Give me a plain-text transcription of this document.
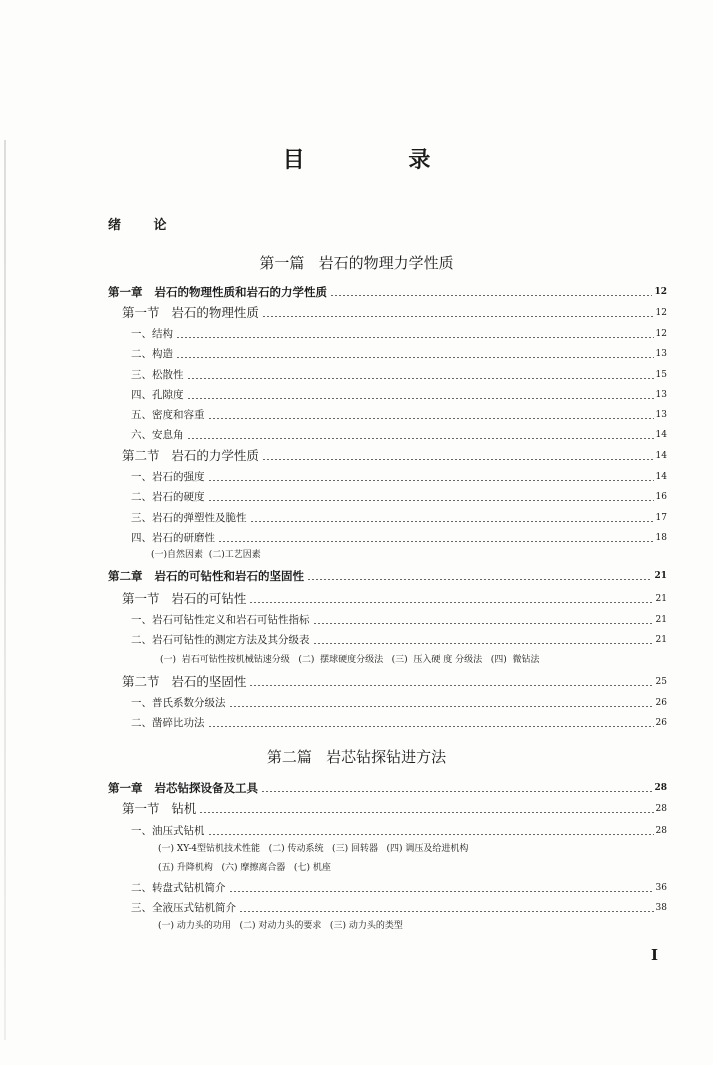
目 录
绪 论
第一篇   岩石的物理力学性质
第一章   岩石的物理性质和岩石的力学性质	12
第一节   岩石的物理性质	12
一、结构	12
二、构造	13
三、松散性	15
四、孔隙度	13
五、密度和容重	13
六、安息角	14
第二节   岩石的力学性质	14
一、岩石的强度	14
二、岩石的硬度	16
三、岩石的弹塑性及脆性	17
四、岩石的研磨性	18
(一)自然因素  (二)工艺因素
第二章   岩石的可钻性和岩石的坚固性	21
第一节   岩石的可钻性	21
一、岩石可钻性定义和岩石可钻性指标	21
二、岩石可钻性的测定方法及其分级表	21
(一)  岩石可钻性按机械钻速分级   (二)  摆球硬度分级法   (三)  压入硬 度 分级法   (四)  微钻法
第二节   岩石的坚固性	25
一、普氏系数分级法	26
二、凿碎比功法	26
第二篇   岩芯钻探钻进方法
第一章   岩芯钻探设备及工具	28
第一节   钻机	28
一、油压式钻机	28
(一) XY-4型钻机技术性能   (二) 传动系统   (三) 回转器   (四) 调压及给进机构
(五) 升降机构   (六) 摩擦离合器   (七) 机座
二、转盘式钻机简介	36
三、全液压式钻机简介	38
(一) 动力头的功用   (二) 对动力头的要求   (三) 动力头的类型
I
